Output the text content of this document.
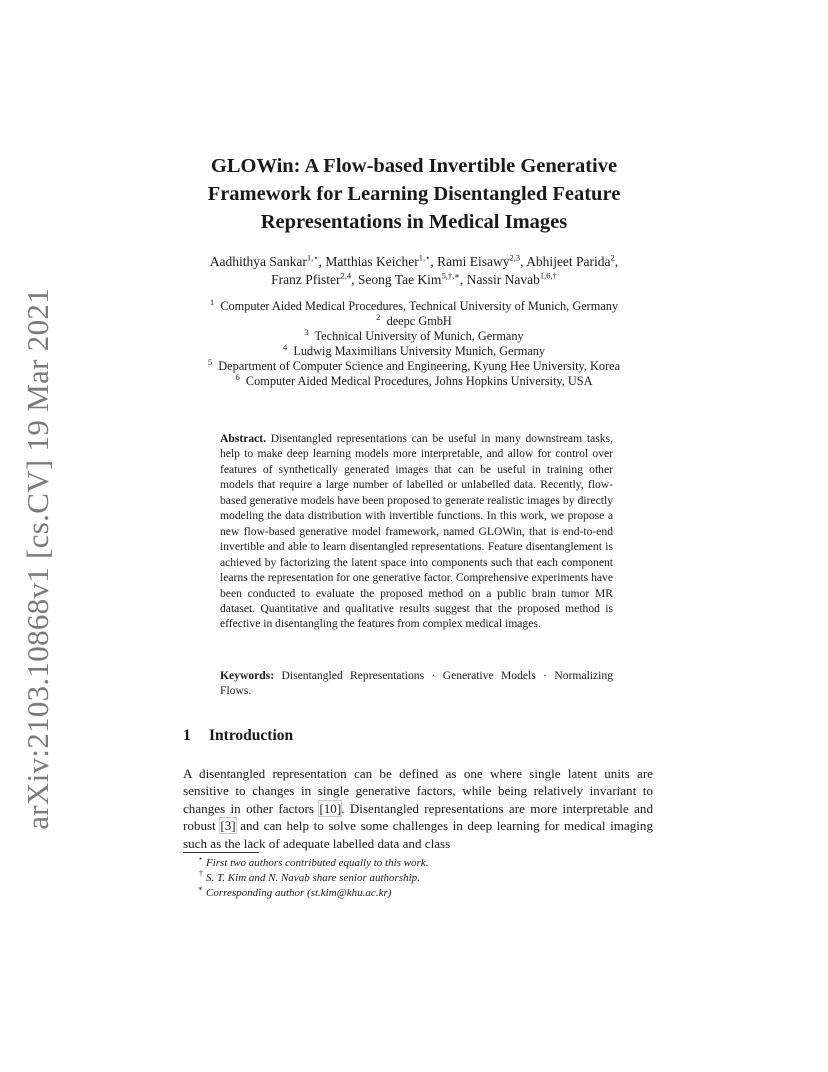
arXiv:2103.10868v1 [cs.CV] 19 Mar 2021
GLOWin: A Flow-based Invertible Generative
Framework for Learning Disentangled Feature
Representations in Medical Images
Aadhithya Sankar$^{1,⋆}$, Matthias Keicher$^{1,⋆}$, Rami Eisawy$^{2,3}$, Abhijeet Parida$^2$,
Franz Pfister$^{2,4}$, Seong Tae Kim$^{5,\dagger,∗}$, Nassir Navab$^{1,6,\dagger}$
$^1$ Computer Aided Medical Procedures, Technical University of Munich, Germany
$^2$ deepc GmbH
$^3$ Technical University of Munich, Germany
$^4$ Ludwig Maximilians University Munich, Germany
$^5$ Department of Computer Science and Engineering, Kyung Hee University, Korea
$^6$ Computer Aided Medical Procedures, Johns Hopkins University, USA
Abstract. Disentangled representations can be useful in many downstream tasks, help to make deep learning models more interpretable, and allow for control over features of synthetically generated images that can be useful in training other models that require a large number of labelled or unlabelled data. Recently, flow-based generative models have been proposed to generate realistic images by directly modeling the data distribution with invertible functions. In this work, we propose a new flow-based generative model framework, named GLOWin, that is end-to-end invertible and able to learn disentangled representations. Feature disentanglement is achieved by factorizing the latent space into components such that each component learns the representation for one generative factor. Comprehensive experiments have been conducted to evaluate the proposed method on a public brain tumor MR dataset. Quantitative and qualitative results suggest that the proposed method is effective in disentangling the features from complex medical images.
Keywords: Disentangled Representations · Generative Models · Normalizing Flows.
1 Introduction
A disentangled representation can be defined as one where single latent units are sensitive to changes in single generative factors, while being relatively invariant to changes in other factors [10]. Disentangled representations are more interpretable and robust [3] and can help to solve some challenges in deep learning for medical imaging such as the lack of adequate labelled data and class
⋆ First two authors contributed equally to this work.
† S. T. Kim and N. Navab share senior authorship.
∗ Corresponding author (st.kim@khu.ac.kr)
